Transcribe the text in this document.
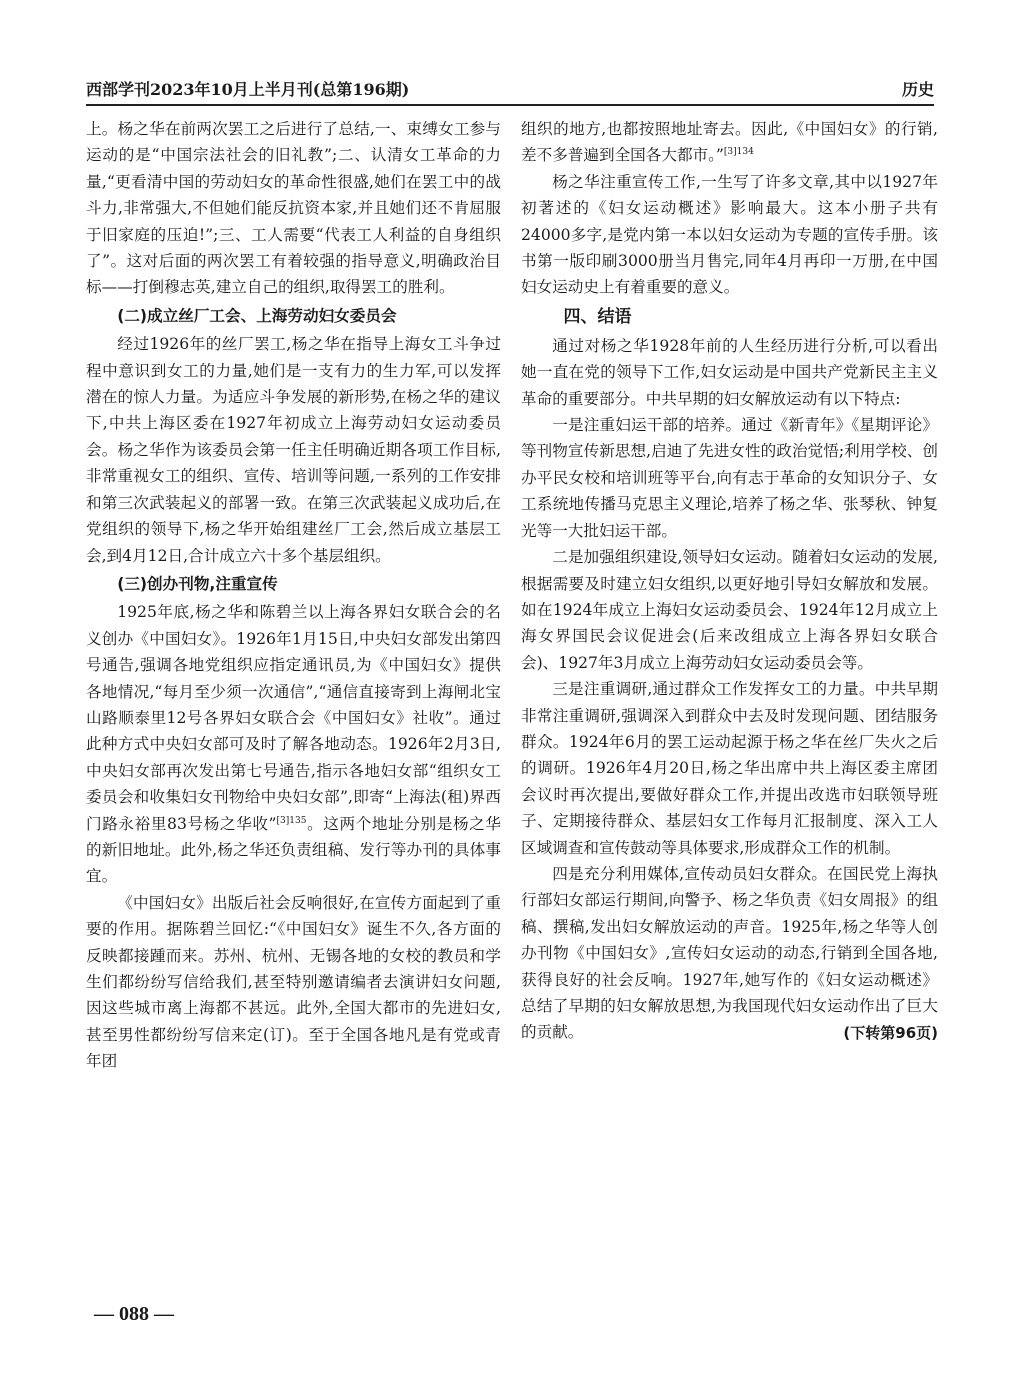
西部学刊2023年10月上半月刊(总第196期)	历史

上。杨之华在前两次罢工之后进行了总结,一、束缚女工参与运动的是“中国宗法社会的旧礼教”;二、认清女工革命的力量,“更看清中国的劳动妇女的革命性很盛,她们在罢工中的战斗力,非常强大,不但她们能反抗资本家,并且她们还不肯屈服于旧家庭的压迫!”;三、工人需要“代表工人利益的自身组织了”。这对后面的两次罢工有着较强的指导意义,明确政治目标——打倒穆志英,建立自己的组织,取得罢工的胜利。

(二)成立丝厂工会、上海劳动妇女委员会

经过1926年的丝厂罢工,杨之华在指导上海女工斗争过程中意识到女工的力量,她们是一支有力的生力军,可以发挥潜在的惊人力量。为适应斗争发展的新形势,在杨之华的建议下,中共上海区委在1927年初成立上海劳动妇女运动委员会。杨之华作为该委员会第一任主任明确近期各项工作目标,非常重视女工的组织、宣传、培训等问题,一系列的工作安排和第三次武装起义的部署一致。在第三次武装起义成功后,在党组织的领导下,杨之华开始组建丝厂工会,然后成立基层工会,到4月12日,合计成立六十多个基层组织。

(三)创办刊物,注重宣传

1925年底,杨之华和陈碧兰以上海各界妇女联合会的名义创办《中国妇女》。1926年1月15日,中央妇女部发出第四号通告,强调各地党组织应指定通讯员,为《中国妇女》提供各地情况,“每月至少须一次通信”,“通信直接寄到上海闸北宝山路顺泰里12号各界妇女联合会《中国妇女》社收”。通过此种方式中央妇女部可及时了解各地动态。1926年2月3日,中央妇女部再次发出第七号通告,指示各地妇女部“组织女工委员会和收集妇女刊物给中央妇女部”,即寄“上海法(租)界西门路永裕里83号杨之华收”$^{[3]135}$。这两个地址分别是杨之华的新旧地址。此外,杨之华还负责组稿、发行等办刊的具体事宜。

《中国妇女》出版后社会反响很好,在宣传方面起到了重要的作用。据陈碧兰回忆:“《中国妇女》诞生不久,各方面的反映都接踵而来。苏州、杭州、无锡各地的女校的教员和学生们都纷纷写信给我们,甚至特别邀请编者去演讲妇女问题,因这些城市离上海都不甚远。此外,全国大都市的先进妇女,甚至男性都纷纷写信来定(订)。至于全国各地凡是有党或青年团

组织的地方,也都按照地址寄去。因此,《中国妇女》的行销,差不多普遍到全国各大都市。”$^{[3]134}$

杨之华注重宣传工作,一生写了许多文章,其中以1927年初著述的《妇女运动概述》影响最大。这本小册子共有24000多字,是党内第一本以妇女运动为专题的宣传手册。该书第一版印刷3000册当月售完,同年4月再印一万册,在中国妇女运动史上有着重要的意义。

四、结语

通过对杨之华1928年前的人生经历进行分析,可以看出她一直在党的领导下工作,妇女运动是中国共产党新民主主义革命的重要部分。中共早期的妇女解放运动有以下特点:

一是注重妇运干部的培养。通过《新青年》《星期评论》等刊物宣传新思想,启迪了先进女性的政治觉悟;利用学校、创办平民女校和培训班等平台,向有志于革命的女知识分子、女工系统地传播马克思主义理论,培养了杨之华、张琴秋、钟复光等一大批妇运干部。

二是加强组织建设,领导妇女运动。随着妇女运动的发展,根据需要及时建立妇女组织,以更好地引导妇女解放和发展。如在1924年成立上海妇女运动委员会、1924年12月成立上海女界国民会议促进会(后来改组成立上海各界妇女联合会)、1927年3月成立上海劳动妇女运动委员会等。

三是注重调研,通过群众工作发挥女工的力量。中共早期非常注重调研,强调深入到群众中去及时发现问题、团结服务群众。1924年6月的罢工运动起源于杨之华在丝厂失火之后的调研。1926年4月20日,杨之华出席中共上海区委主席团会议时再次提出,要做好群众工作,并提出改选市妇联领导班子、定期接待群众、基层妇女工作每月汇报制度、深入工人区域调查和宣传鼓动等具体要求,形成群众工作的机制。

四是充分利用媒体,宣传动员妇女群众。在国民党上海执行部妇女部运行期间,向警予、杨之华负责《妇女周报》的组稿、撰稿,发出妇女解放运动的声音。1925年,杨之华等人创办刊物《中国妇女》,宣传妇女运动的动态,行销到全国各地,获得良好的社会反响。1927年,她写作的《妇女运动概述》总结了早期的妇女解放思想,为我国现代妇女运动作出了巨大的贡献。	(下转第96页)
— 088 —
